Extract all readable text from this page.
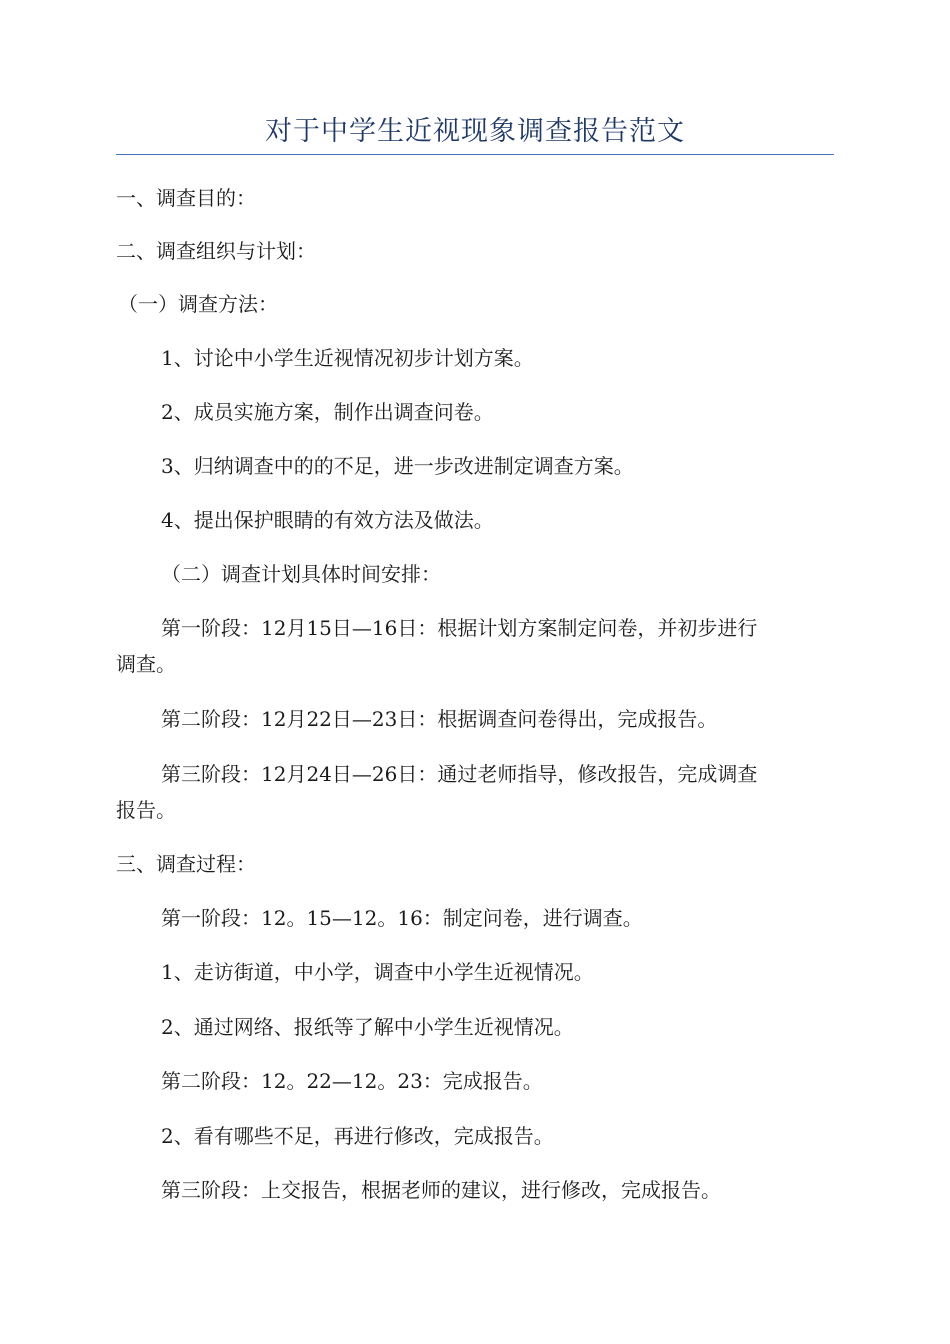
对于中学生近视现象调查报告范文

一、调查目的：

二、调查组织与计划：

（一）调查方法：

1、讨论中小学生近视情况初步计划方案。

2、成员实施方案，制作出调查问卷。

3、归纳调查中的的不足，进一步改进制定调查方案。

4、提出保护眼睛的有效方法及做法。

（二）调查计划具体时间安排：

第一阶段：12月15日—16日：根据计划方案制定问卷，并初步进行
调查。

第二阶段：12月22日—23日：根据调查问卷得出，完成报告。

第三阶段：12月24日—26日：通过老师指导，修改报告，完成调查
报告。

三、调查过程：

第一阶段：12。15—12。16：制定问卷，进行调查。

1、走访街道，中小学，调查中小学生近视情况。

2、通过网络、报纸等了解中小学生近视情况。

第二阶段：12。22—12。23：完成报告。

2、看有哪些不足，再进行修改，完成报告。

第三阶段：上交报告，根据老师的建议，进行修改，完成报告。
